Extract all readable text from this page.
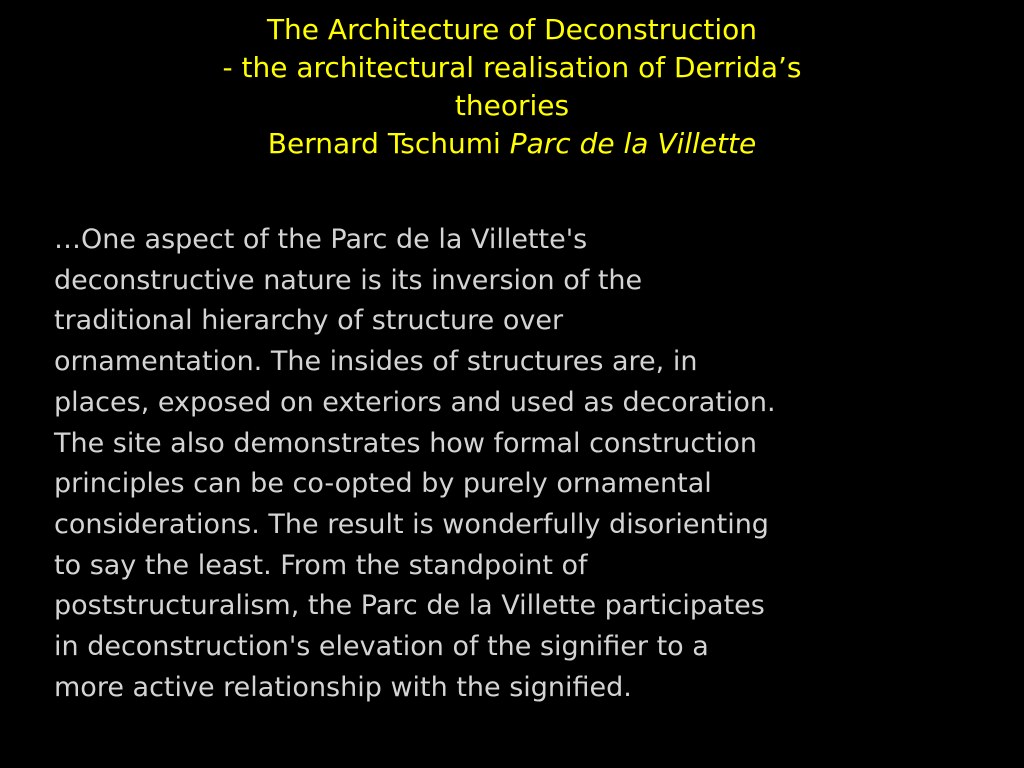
The Architecture of Deconstruction
- the architectural realisation of Derrida’s
theories
Bernard Tschumi Parc de la Villette
…One aspect of the Parc de la Villette's
deconstructive nature is its inversion of the
traditional hierarchy of structure over
ornamentation. The insides of structures are, in
places, exposed on exteriors and used as decoration.
The site also demonstrates how formal construction
principles can be co-opted by purely ornamental
considerations. The result is wonderfully disorienting
to say the least. From the standpoint of
poststructuralism, the Parc de la Villette participates
in deconstruction's elevation of the signifier to a
more active relationship with the signified.
